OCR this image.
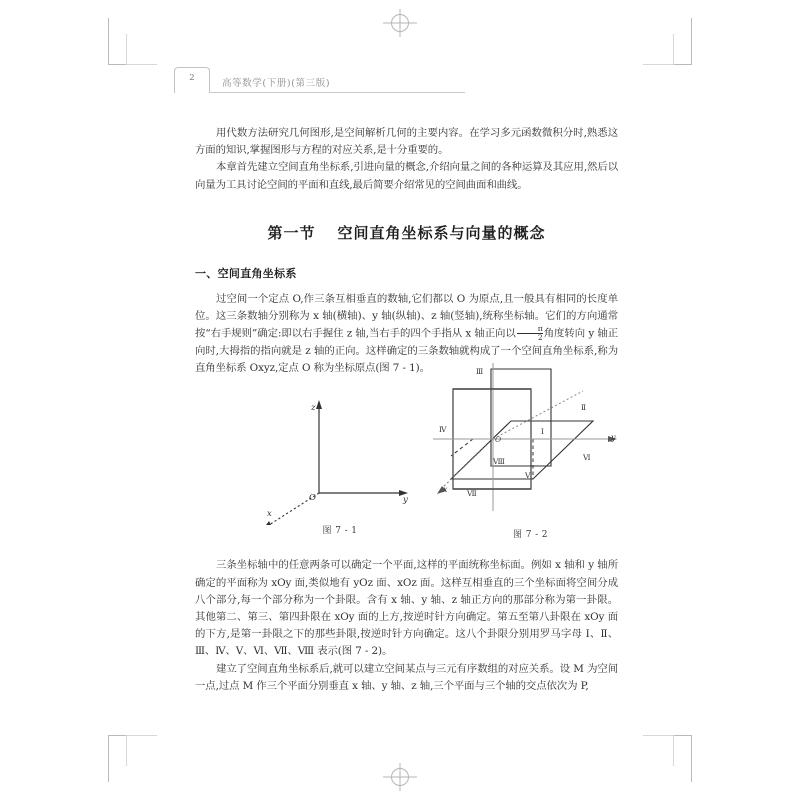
2	高等数学(下册)(第三版)

用代数方法研究几何图形,是空间解析几何的主要内容。在学习多元函数微积分时,熟悉这方面的知识,掌握图形与方程的对应关系,是十分重要的。

本章首先建立空间直角坐标系,引进向量的概念,介绍向量之间的各种运算及其应用,然后以向量为工具讨论空间的平面和直线,最后简要介绍常见的空间曲面和曲线。

第一节 空间直角坐标系与向量的概念
一、空间直角坐标系

过空间一个定点 O,作三条互相垂直的数轴,它们都以 O 为原点,且一般具有相同的长度单位。这三条数轴分别称为 x 轴(横轴)、y 轴(纵轴)、z 轴(竖轴),统称坐标轴。它们的方向通常按“右手规则”确定:即以右手握住 z 轴,当右手的四个手指从 x 轴正向以$\frac{\pi}{2}$ 角度转向 y 轴正向时,大拇指的指向就是 z 轴的正向。这样确定的三条数轴就构成了一个空间直角坐标系,称为直角坐标系 Oxyz,定点 O 称为坐标原点(图 7 - 1)。

z
y
x
O
图 7 - 1
Ⅲ
Ⅱ
Ⅰ
Ⅳ
Ⅴ
Ⅵ
Ⅶ
Ⅷ
O	y
x
图 7 - 2

三条坐标轴中的任意两条可以确定一个平面,这样的平面统称坐标面。例如 x 轴和 y 轴所确定的平面称为 xOy 面,类似地有 yOz 面、xOz 面。这样互相垂直的三个坐标面将空间分成八个部分,每一个部分称为一个卦限。含有 x 轴、y 轴、z 轴正方向的那部分称为第一卦限。其他第二、第三、第四卦限在 xOy 面的上方,按逆时针方向确定。第五至第八卦限在 xOy 面的下方,是第一卦限之下的那些卦限,按逆时针方向确定。这八个卦限分别用罗马字母 Ⅰ、Ⅱ、Ⅲ、Ⅳ、Ⅴ、Ⅵ、Ⅶ、Ⅷ 表示(图 7 - 2)。

建立了空间直角坐标系后,就可以建立空间某点与三元有序数组的对应关系。设 M 为空间一点,过点 M 作三个平面分别垂直 x 轴、y 轴、z 轴,三个平面与三个轴的交点依次为 P,
